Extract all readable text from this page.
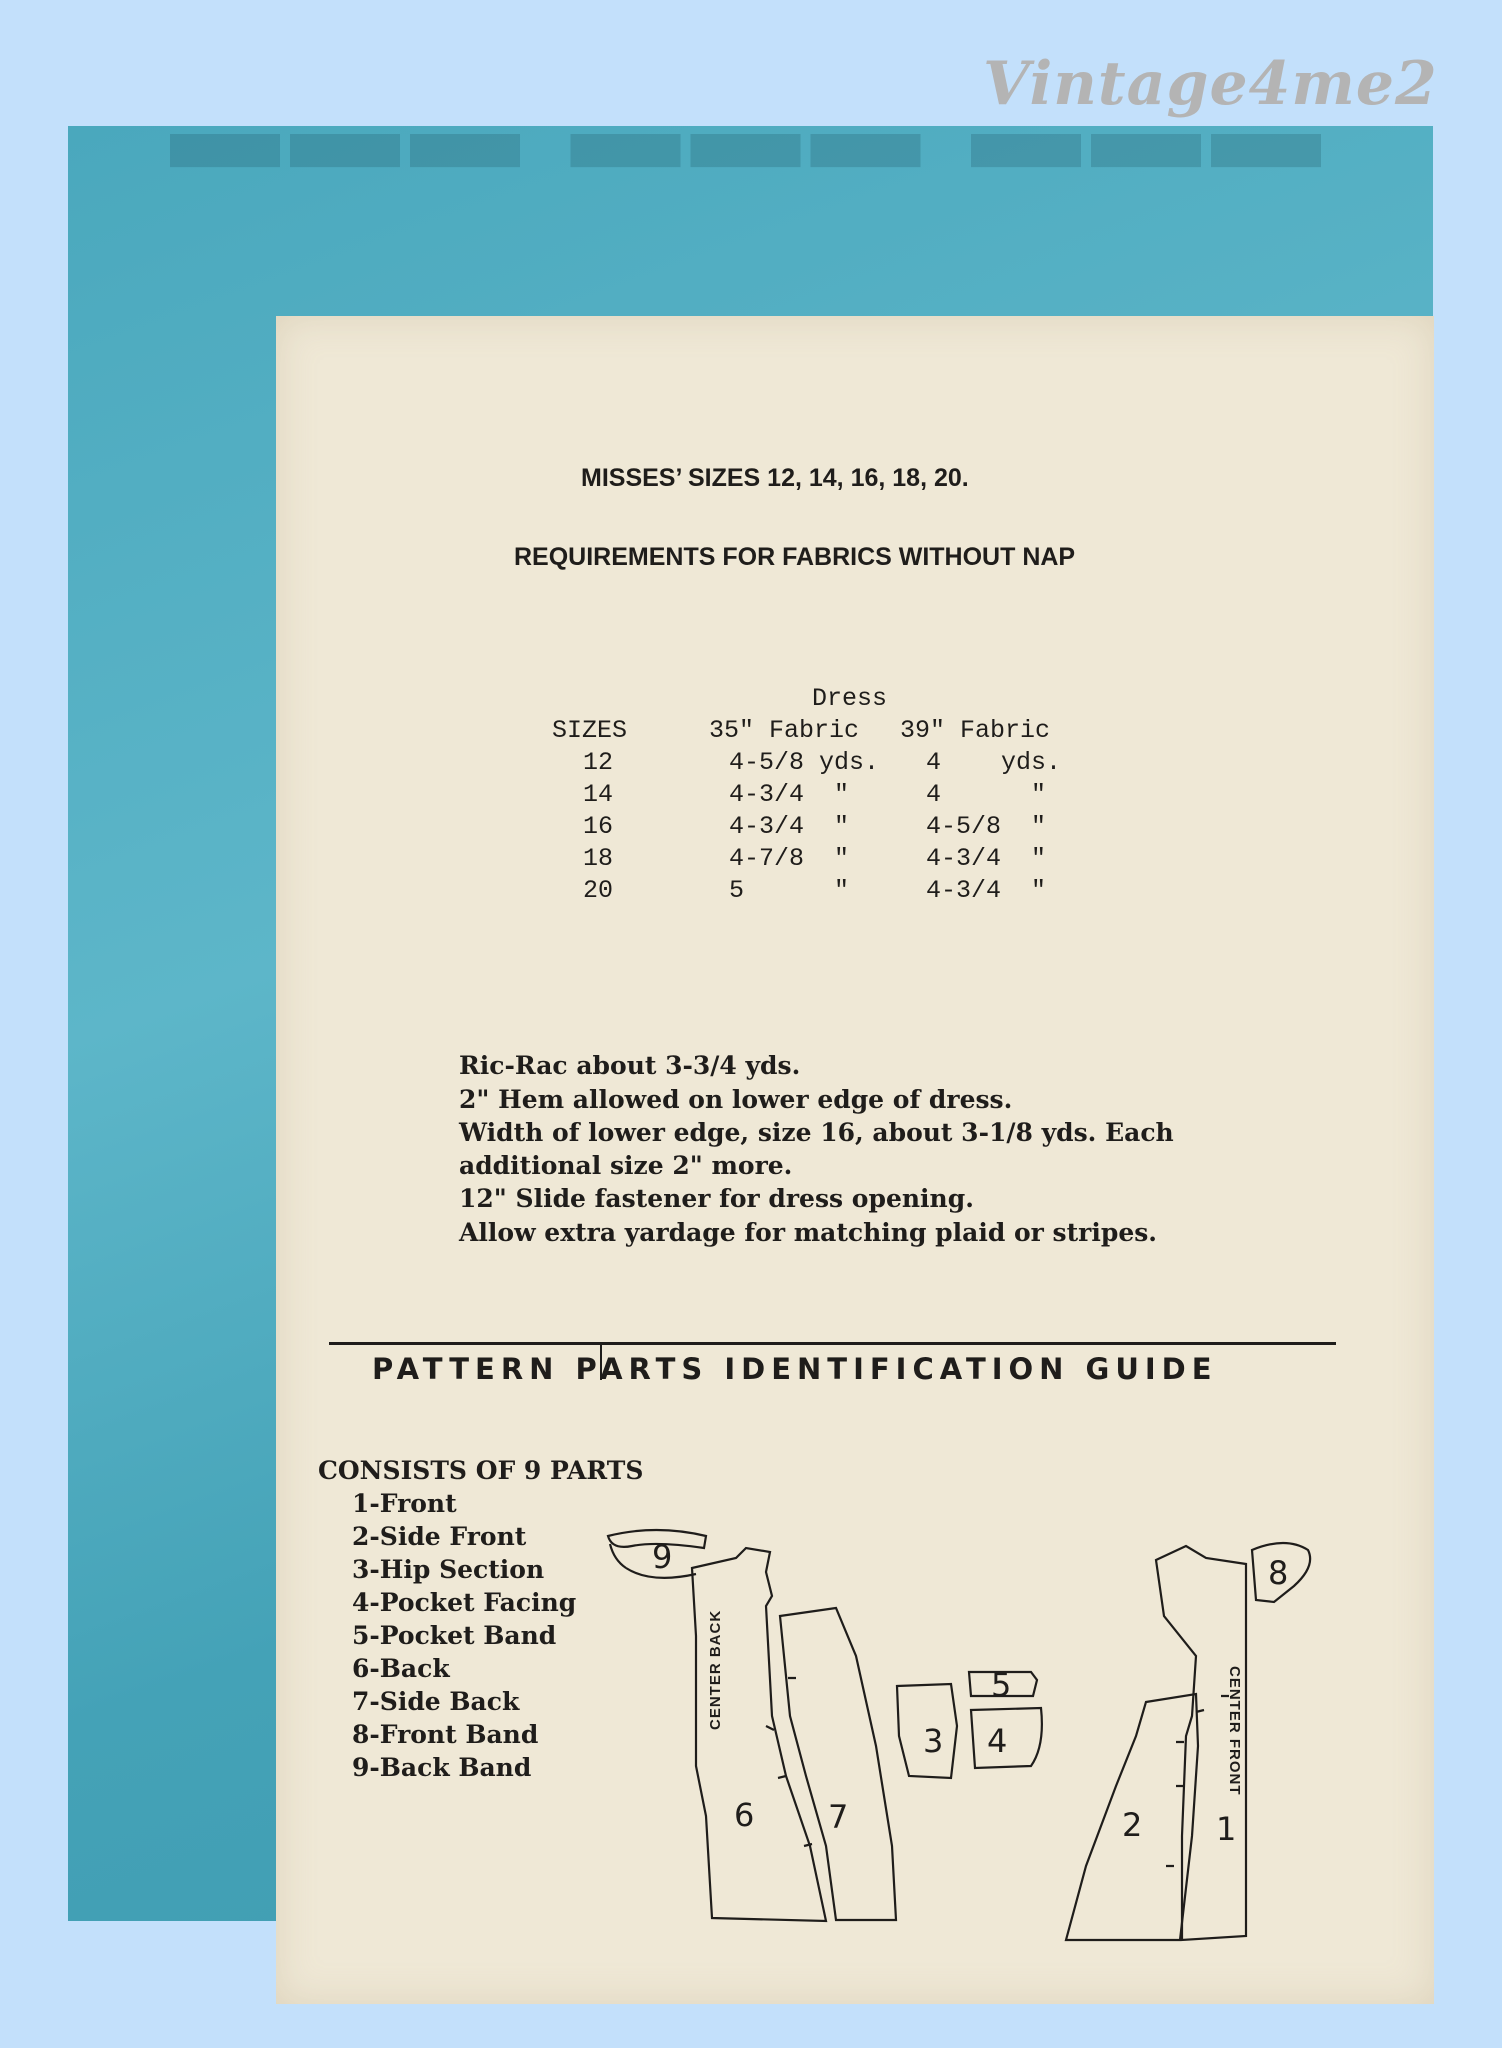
Vintage4me2
▬▬▬ ▬▬▬ ▬▬▬
MISSES’ SIZES 12, 14, 16, 18, 20.
REQUIREMENTS FOR FABRICS WITHOUT NAP
Dress
SIZES	35" Fabric 39" Fabric
12	4-5/8 yds. 4    yds.
14	4-3/4  "	4      "
16	4-3/4  "	4-5/8  "
18	4-7/8  "	4-3/4  "
20	5      "	4-3/4  "
Ric-Rac about 3-3/4 yds.
2" Hem allowed on lower edge of dress.
Width of lower edge, size 16, about 3-1/8 yds. Each
additional size 2" more.
12" Slide fastener for dress opening.
Allow extra yardage for matching plaid or stripes.
PATTERN PARTS IDENTIFICATION GUIDE
CONSISTS OF 9 PARTS
1-Front
2-Side Front
3-Hip Section
4-Pocket Facing
5-Pocket Band
6-Back
7-Side Back
8-Front Band
9-Back Band
9
6 7
CENTER BACK
3
5
4
8
2 1
CENTER FRONT
